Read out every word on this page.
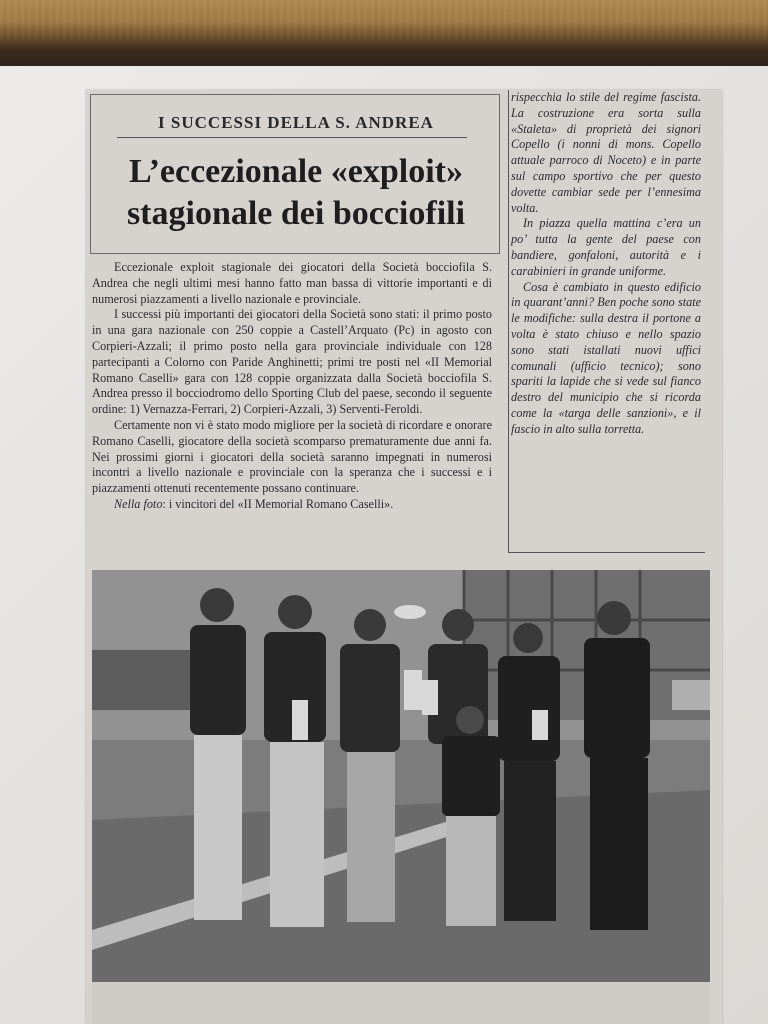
I SUCCESSI DELLA S. ANDREA
L’eccezionale «exploit»
stagionale dei bocciofili

Eccezionale exploit stagionale dei giocatori della Società bocciofila S. Andrea che negli ultimi mesi hanno fatto man bassa di vittorie importanti e di numerosi piazzamenti a livello nazionale e provinciale.

I successi più importanti dei giocatori della Società sono stati: il primo posto in una gara nazionale con 250 coppie a Castell’Arquato (Pc) in agosto con Corpieri-Azzali; il primo posto nella gara provinciale individuale con 128 partecipanti a Colorno con Paride Anghinetti; primi tre posti nel «II Memorial Romano Caselli» gara con 128 coppie organizzata dalla Società bocciofila S. Andrea presso il bocciodromo dello Sporting Club del paese, secondo il seguente ordine: 1) Vernazza-Ferrari, 2) Corpieri-Azzali, 3) Serventi-Feroldi.

Certamente non vi è stato modo migliore per la società di ricordare e onorare Romano Caselli, giocatore della società scomparso prematuramente due anni fa. Nei prossimi giorni i giocatori della società saranno impegnati in numerosi incontri a livello nazionale e provinciale con la speranza che i successi e i piazzamenti ottenuti recentemente possano continuare.

Nella foto: i vincitori del «II Memorial Romano Caselli».

rispecchia lo stile del regime fascista. La costruzione era sorta sulla «Staleta» di proprietà dei signori Copello (i nonni di mons. Copello attuale parroco di Noceto) e in parte sul campo sportivo che per questo dovette cambiar sede per l’ennesima volta.

In piazza quella mattina c’era un po’ tutta la gente del paese con bandiere, gonfaloni, autorità e i carabinieri in grande uniforme.

Cosa è cambiato in questo edificio in quarant’anni? Ben poche sono state le modifiche: sulla destra il portone a volta è stato chiuso e nello spazio sono stati istallati nuovi uffici comunali (ufficio tecnico); sono spariti la lapide che si vede sul fianco destro del municipio che si ricorda come la «targa delle sanzioni», e il fascio in alto sulla torretta.
